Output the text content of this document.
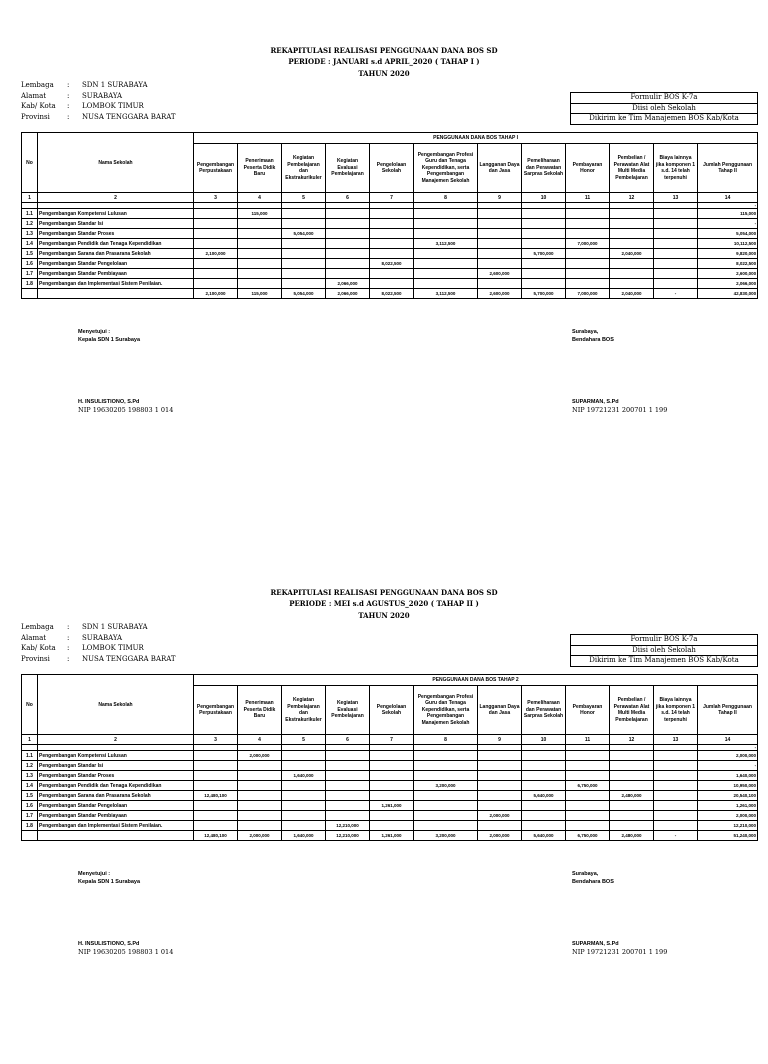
REKAPITULASI REALISASI PENGGUNAAN DANA BOS SD
PERIODE : JANUARI s.d APRIL_2020 ( TAHAP I )
TAHUN 2020
Lembaga	:	SDN 1 SURABAYA
Alamat	:	SURABAYA
Kab/ Kota	:	LOMBOK TIMUR
Provinsi	:	NUSA TENGGARA BARAT
Formulir BOS K-7a
Diisi oleh Sekolah
Dikirim ke Tim Manajemen BOS Kab/Kota
No	Nama Sekolah	PENGGUNAAN DANA BOS TAHAP I											
		Pengembangan Perpustakaan	Penerimaan Peserta Didik Baru	Kegiatan Pembelajaran dan Ekstrakurikuler	Kegiatan Evaluasi Pembelajaran	Pengelolaan Sekolah	Pengembangan Profesi Guru dan Tenaga Kependidikan, serta Pengembangan Manajemen Sekolah	Langganan Daya dan Jasa	Pemeliharaan dan Perawatan Sarpras Sekolah	Pembayaran Honor	Pembelian / Perawatan Alat Multi Media Pembelajaran	Biaya lainnya jika komponen 1 s.d. 14 telah terpenuhi	Jumlah Penggunaan Tahap II
1	2	3	4	5	6	7	8	9	10	11	12	13	14
													-
1.1	Pengembangan Kompetensi Lulusan		115,000										115,000
1.2	Pengembangan Standar Isi												-
1.3	Pengembangan Standar Proses			5,054,000									5,054,000
1.4	Pengembangan Pendidik dan Tenaga Kependidikan						3,112,500			7,000,000			10,112,500
1.5	Pengembangan Sarana dan Prasarana Sekolah	2,100,000							5,700,000		2,040,000		9,820,000
1.6	Pengembangan Standar Pengelolaan					8,022,500							8,022,500
1.7	Pengembangan Standar Pembiayaan							2,600,000					2,600,000
1.8	Pengembangan dan Implementasi Sistem Penilaian.				2,066,000								2,066,000
		2,100,000	115,000	5,054,000	2,066,000	8,022,500	3,112,500	2,600,000	5,700,000	7,000,000	2,040,000	-	42,830,000
Menyetujui :
Kepala SDN 1 Surabaya
H. INSULISTIONO, S.Pd
NIP 19630205 198803 1 014
Surabaya,
Bendahara BOS
SUPARMAN, S.Pd
NIP 19721231 200701 1 199
REKAPITULASI REALISASI PENGGUNAAN DANA BOS SD
PERIODE : MEI s.d AGUSTUS_2020 ( TAHAP II )
TAHUN 2020
Lembaga	:	SDN 1 SURABAYA
Alamat	:	SURABAYA
Kab/ Kota	:	LOMBOK TIMUR
Provinsi	:	NUSA TENGGARA BARAT
Formulir BOS K-7a
Diisi oleh Sekolah
Dikirim ke Tim Manajemen BOS Kab/Kota
No	Nama Sekolah	PENGGUNAAN DANA BOS TAHAP 2											
		Pengembangan Perpustakaan	Penerimaan Peserta Didik Baru	Kegiatan Pembelajaran dan Ekstrakurikuler	Kegiatan Evaluasi Pembelajaran	Pengelolaan Sekolah	Pengembangan Profesi Guru dan Tenaga Kependidikan, serta Pengembangan Manajemen Sekolah	Langganan Daya dan Jasa	Pemeliharaan dan Perawatan Sarpras Sekolah	Pembayaran Honor	Pembelian / Perawatan Alat Multi Media Pembelajaran	Biaya lainnya jika komponen 1 s.d. 14 telah terpenuhi	Jumlah Penggunaan Tahap II
1	2	3	4	5	6	7	8	9	10	11	12	13	14
													-
1.1	Pengembangan Kompetensi Lulusan		2,000,000										2,000,000
1.2	Pengembangan Standar Isi												-
1.3	Pengembangan Standar Proses			1,640,000									1,640,000
1.4	Pengembangan Pendidik dan Tenaga Kependidikan						3,200,000			6,750,000			10,950,000
1.5	Pengembangan Sarana dan Prasarana Sekolah	12,480,100							5,640,000		2,480,000		20,540,100
1.6	Pengembangan Standar Pengelolaan					1,261,000							1,261,000
1.7	Pengembangan Standar Pembiayaan							2,000,000					2,000,000
1.8	Pengembangan dan Implementasi Sistem Penilaian.				12,210,000								12,210,000
		12,480,100	2,000,000	1,640,000	12,210,000	1,261,000	3,200,000	2,000,000	5,640,000	6,750,000	2,480,000	-	51,240,000
Menyetujui :
Kepala SDN 1 Surabaya
H. INSULISTIONO, S.Pd
NIP 19630205 198803 1 014
Surabaya,
Bendahara BOS
SUPARMAN, S.Pd
NIP 19721231 200701 1 199
